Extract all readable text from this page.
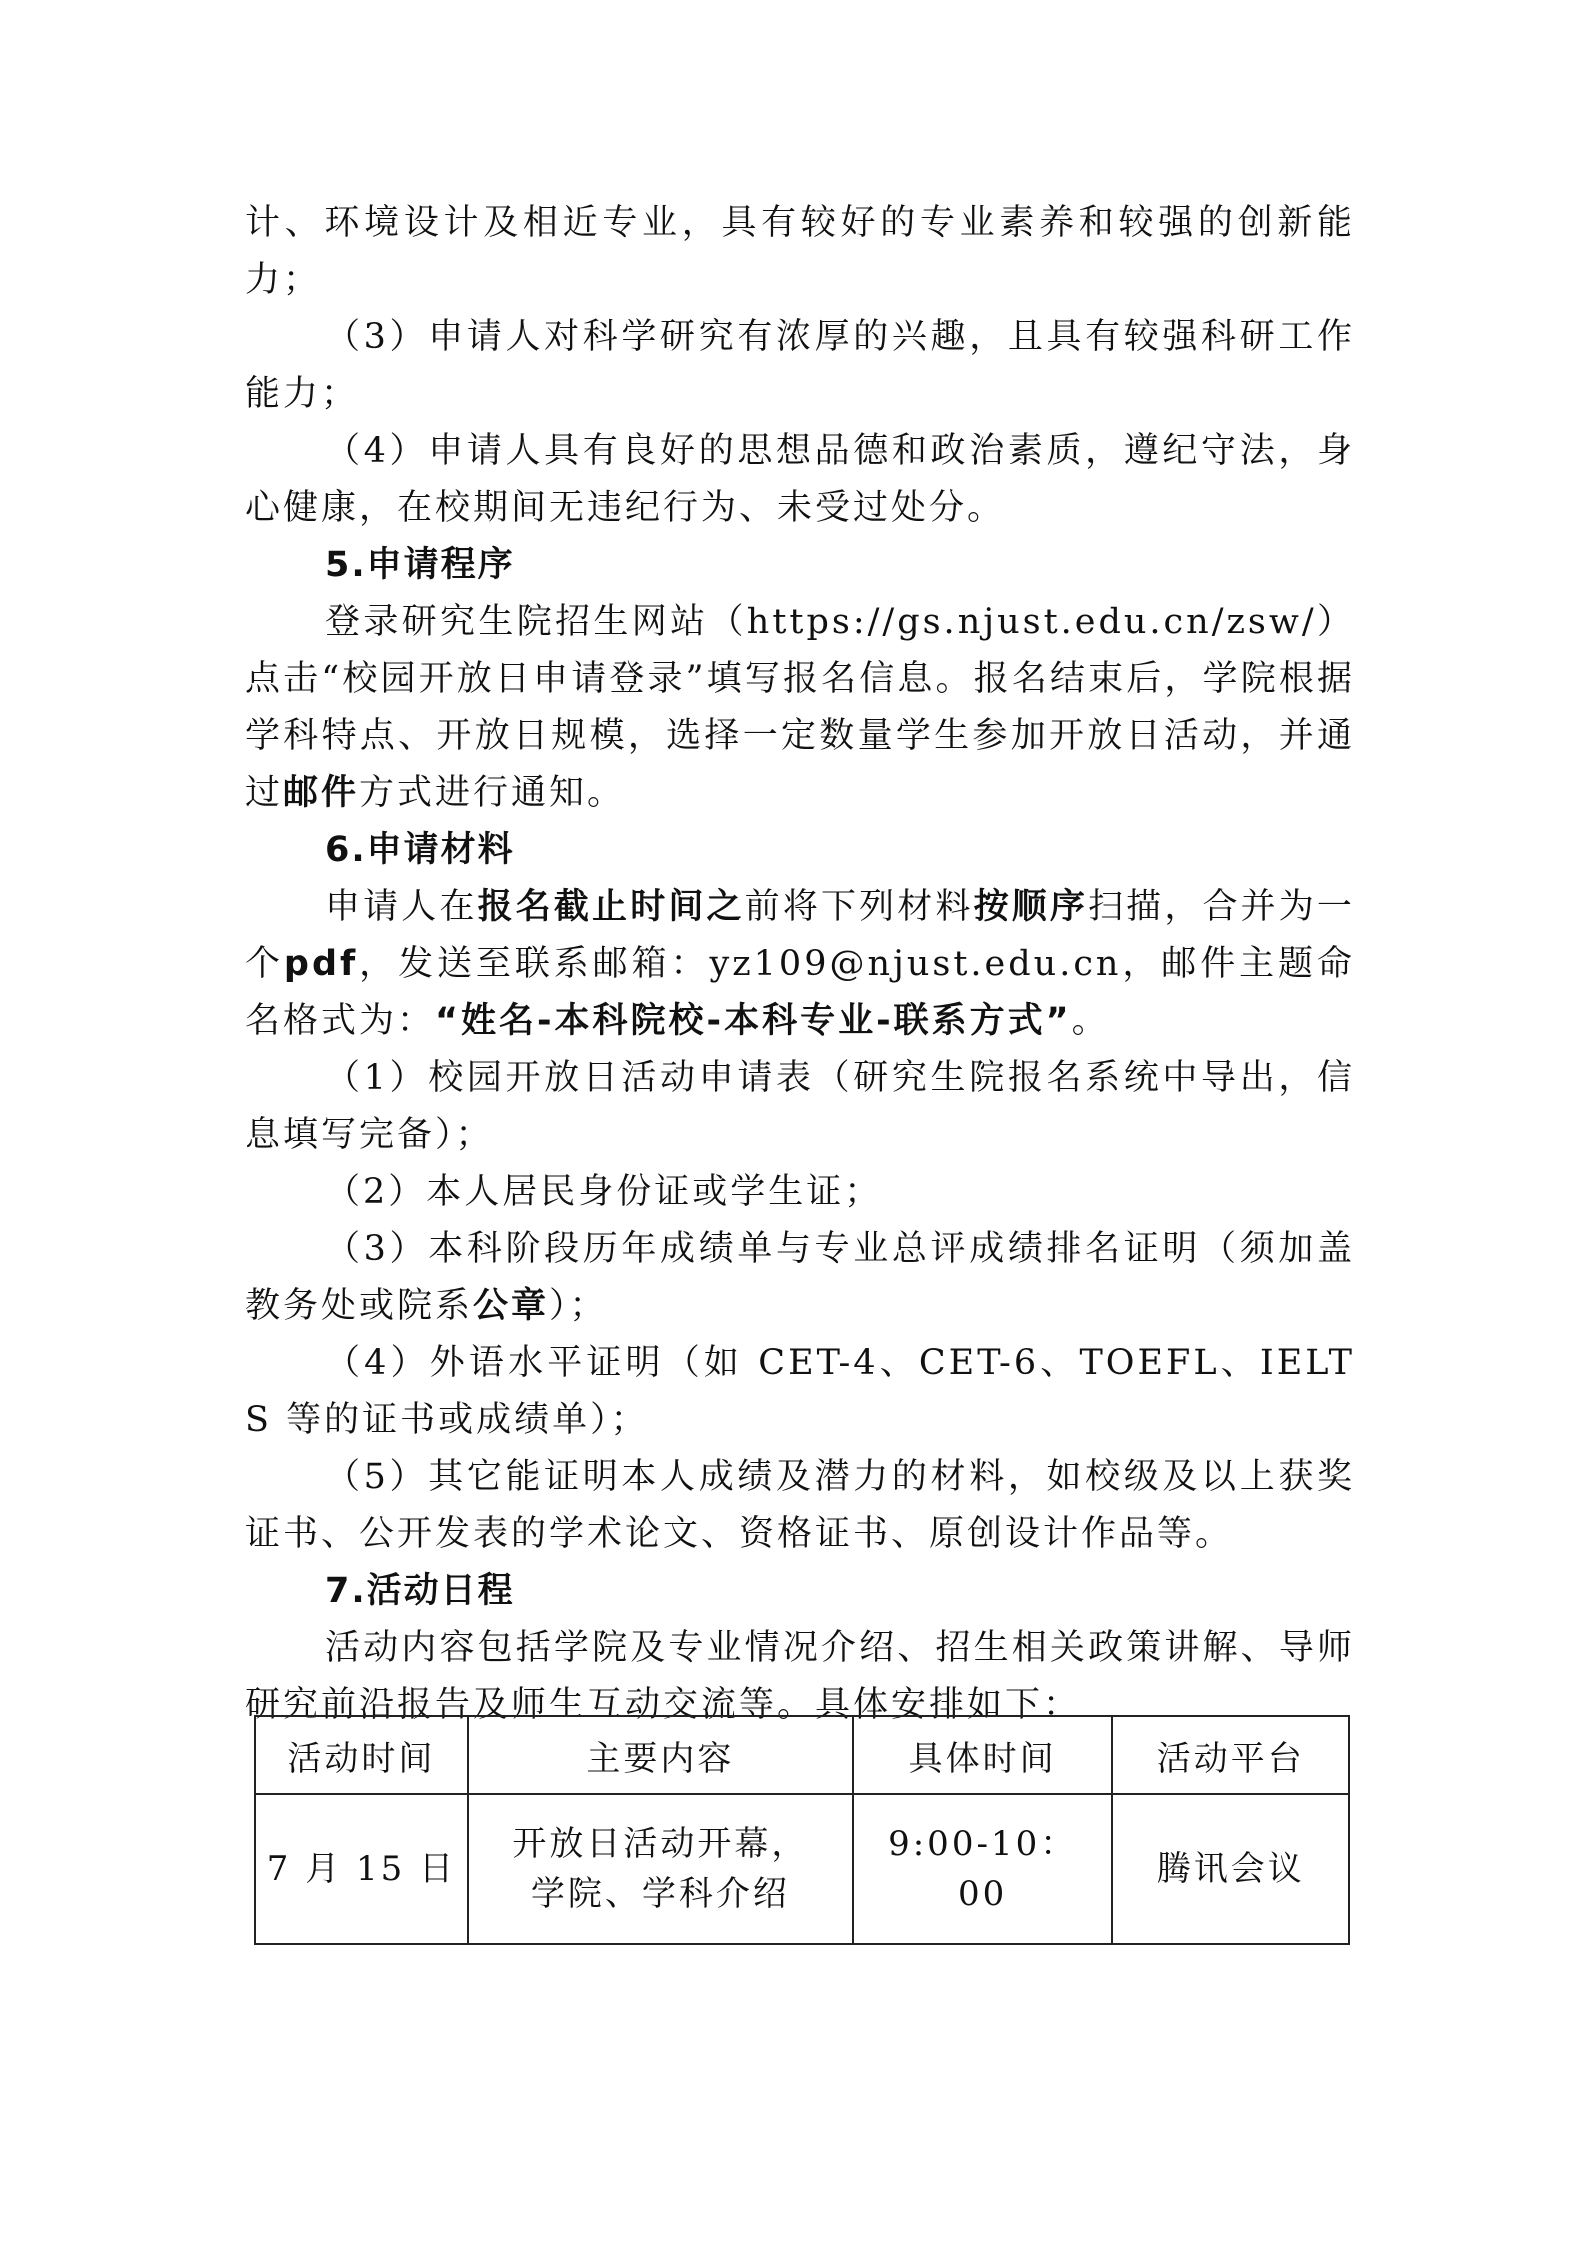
计、环境设计及相近专业，具有较好的专业素养和较强的创新能力；

（3）申请人对科学研究有浓厚的兴趣，且具有较强科研工作能力；

（4）申请人具有良好的思想品德和政治素质，遵纪守法，身心健康，在校期间无违纪行为、未受过处分。

5.申请程序

登录研究生院招生网站（https://gs.njust.edu.cn/zsw/）点击“校园开放日申请登录”填写报名信息。报名结束后，学院根据学科特点、开放日规模，选择一定数量学生参加开放日活动，并通过邮件方式进行通知。

6.申请材料

申请人在报名截止时间之前将下列材料按顺序扫描，合并为一个pdf，发送至联系邮箱：yz109@njust.edu.cn，邮件主题命名格式为：“姓名-本科院校-本科专业-联系方式”。

（1）校园开放日活动申请表（研究生院报名系统中导出，信息填写完备）；

（2）本人居民身份证或学生证；

（3）本科阶段历年成绩单与专业总评成绩排名证明（须加盖教务处或院系公章）；

（4）外语水平证明（如 CET-4、CET-6、TOEFL、IELTS 等的证书或成绩单）；

（5）其它能证明本人成绩及潜力的材料，如校级及以上获奖证书、公开发表的学术论文、资格证书、原创设计作品等。

7.活动日程

活动内容包括学院及专业情况介绍、招生相关政策讲解、导师研究前沿报告及师生互动交流等。具体安排如下：

活动时间	主要内容	具体时间	活动平台
7 月 15 日	开放日活动开幕，
学院、学科介绍	9:00-10：00	腾讯会议
